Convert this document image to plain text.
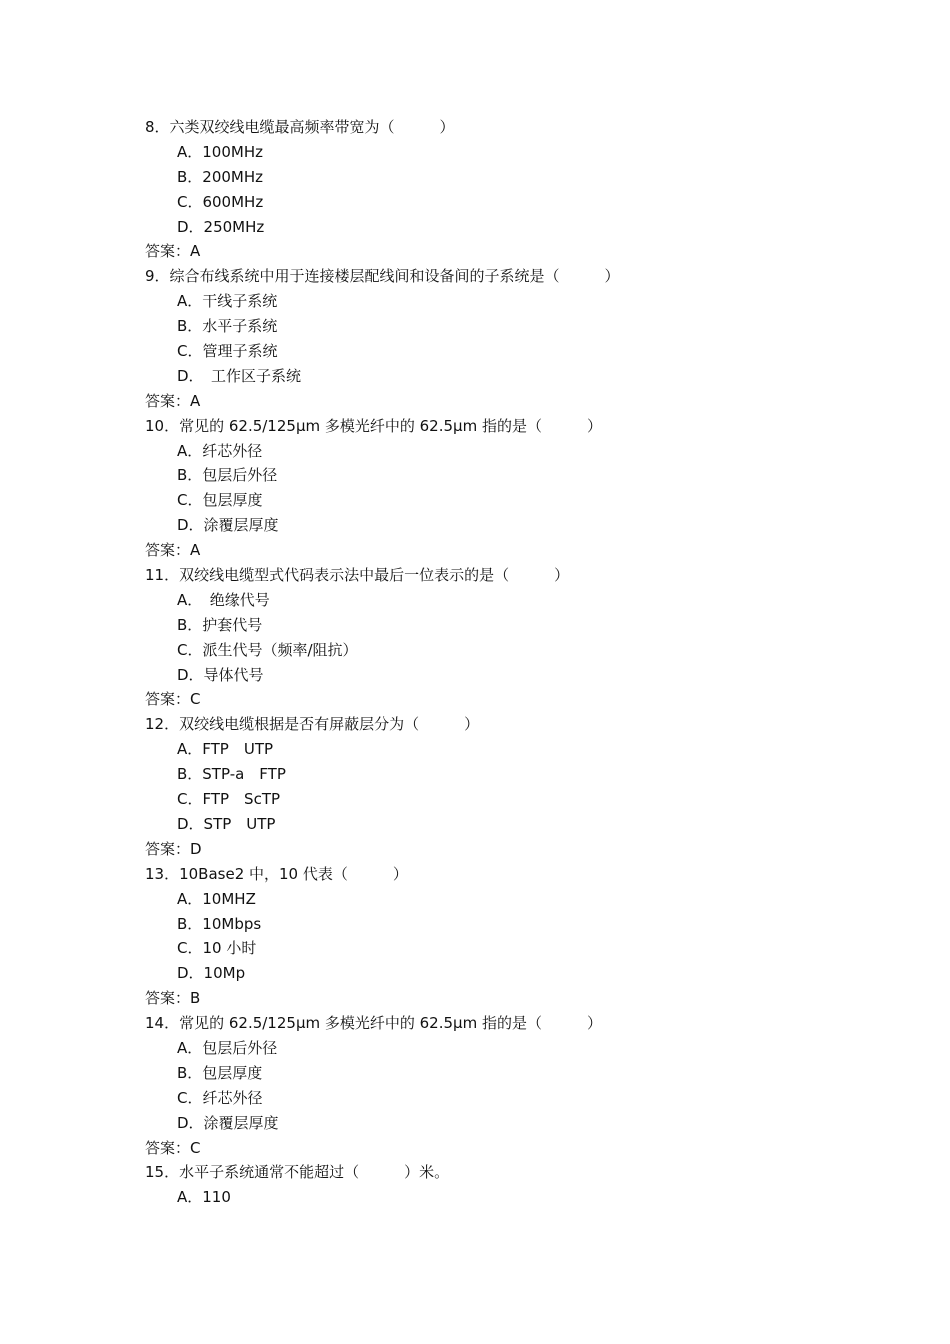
8．六类双绞线电缆最高频率带宽为（　　　）
A．100MHz
B．200MHz
C．600MHz
D．250MHz
答案：A
9．综合布线系统中用于连接楼层配线间和设备间的子系统是（　　　）
A．干线子系统
B．水平子系统
C．管理子系统
D．　工作区子系统
答案：A
10．常见的 62.5/125μm 多模光纤中的 62.5μm 指的是（　　　）
A．纤芯外径
B．包层后外径
C．包层厚度
D．涂覆层厚度
答案：A
11．双绞线电缆型式代码表示法中最后一位表示的是（　　　）
A．　绝缘代号
B．护套代号
C．派生代号（频率/阻抗）
D．导体代号
答案：C
12．双绞线电缆根据是否有屏蔽层分为（　　　）
A．FTP　UTP
B．STP-a　FTP
C．FTP　ScTP
D．STP　UTP
答案：D
13．10Base2 中，10 代表（　　　）
A．10MHZ
B．10Mbps
C．10 小时
D．10Mp
答案：B
14．常见的 62.5/125μm 多模光纤中的 62.5μm 指的是（　　　）
A．包层后外径
B．包层厚度
C．纤芯外径
D．涂覆层厚度
答案：C
15．水平子系统通常不能超过（　　　）米。
A．110
